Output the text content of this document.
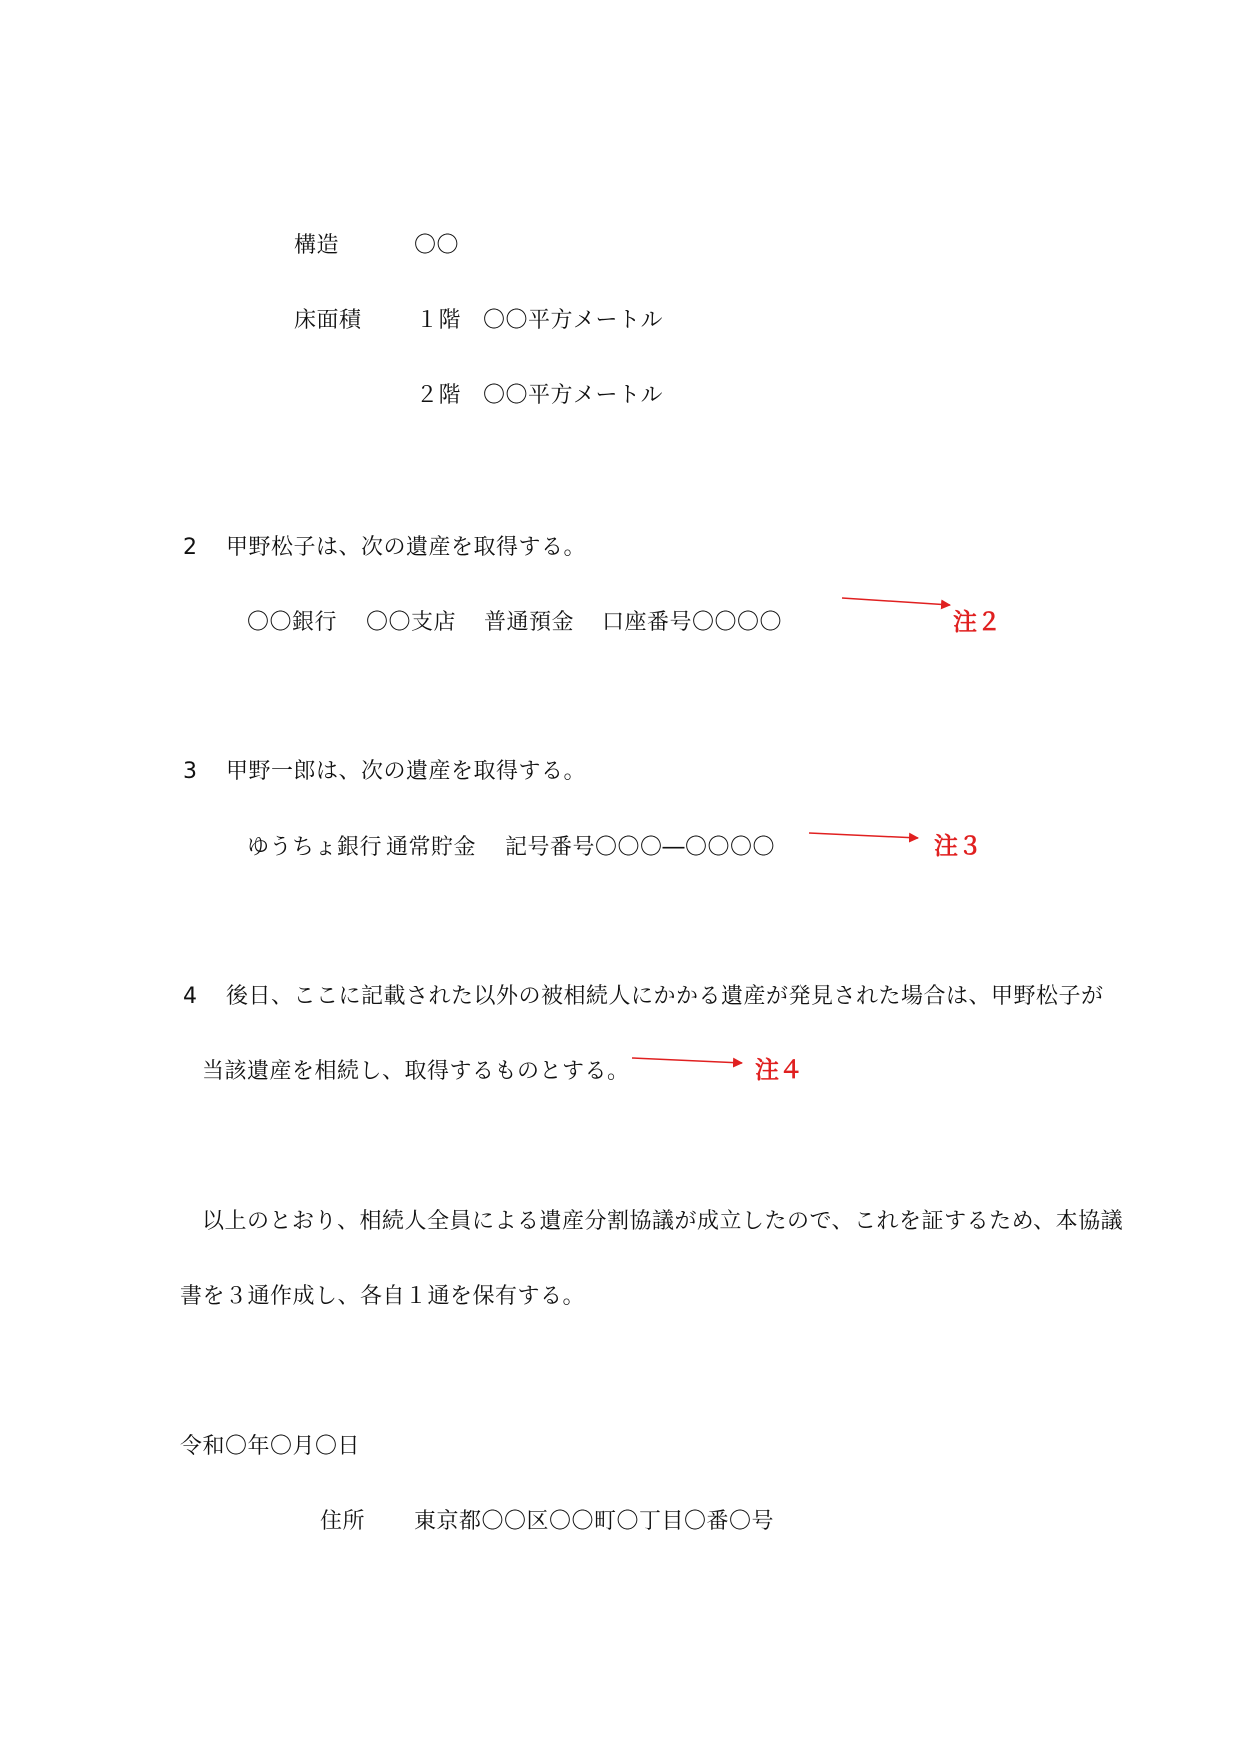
構造	〇〇
床面積 １階 〇〇平方メートル
２階 〇〇平方メートル
2 甲野松子は、次の遺産を取得する。
〇〇銀行 〇〇支店 普通預金 口座番号〇〇〇〇	注２
3 甲野一郎は、次の遺産を取得する。
ゆうちょ銀行 通常貯金 記号番号〇〇〇―〇〇〇〇	注３
4 後日、ここに記載された以外の被相続人にかかる遺産が発見された場合は、甲野松子が
当該遺産を相続し、取得するものとする。	注４
以上のとおり、相続人全員による遺産分割協議が成立したので、これを証するため、本協議
書を３通作成し、各自１通を保有する。
令和〇年〇月〇日
住所 東京都〇〇区〇〇町〇丁目〇番〇号
